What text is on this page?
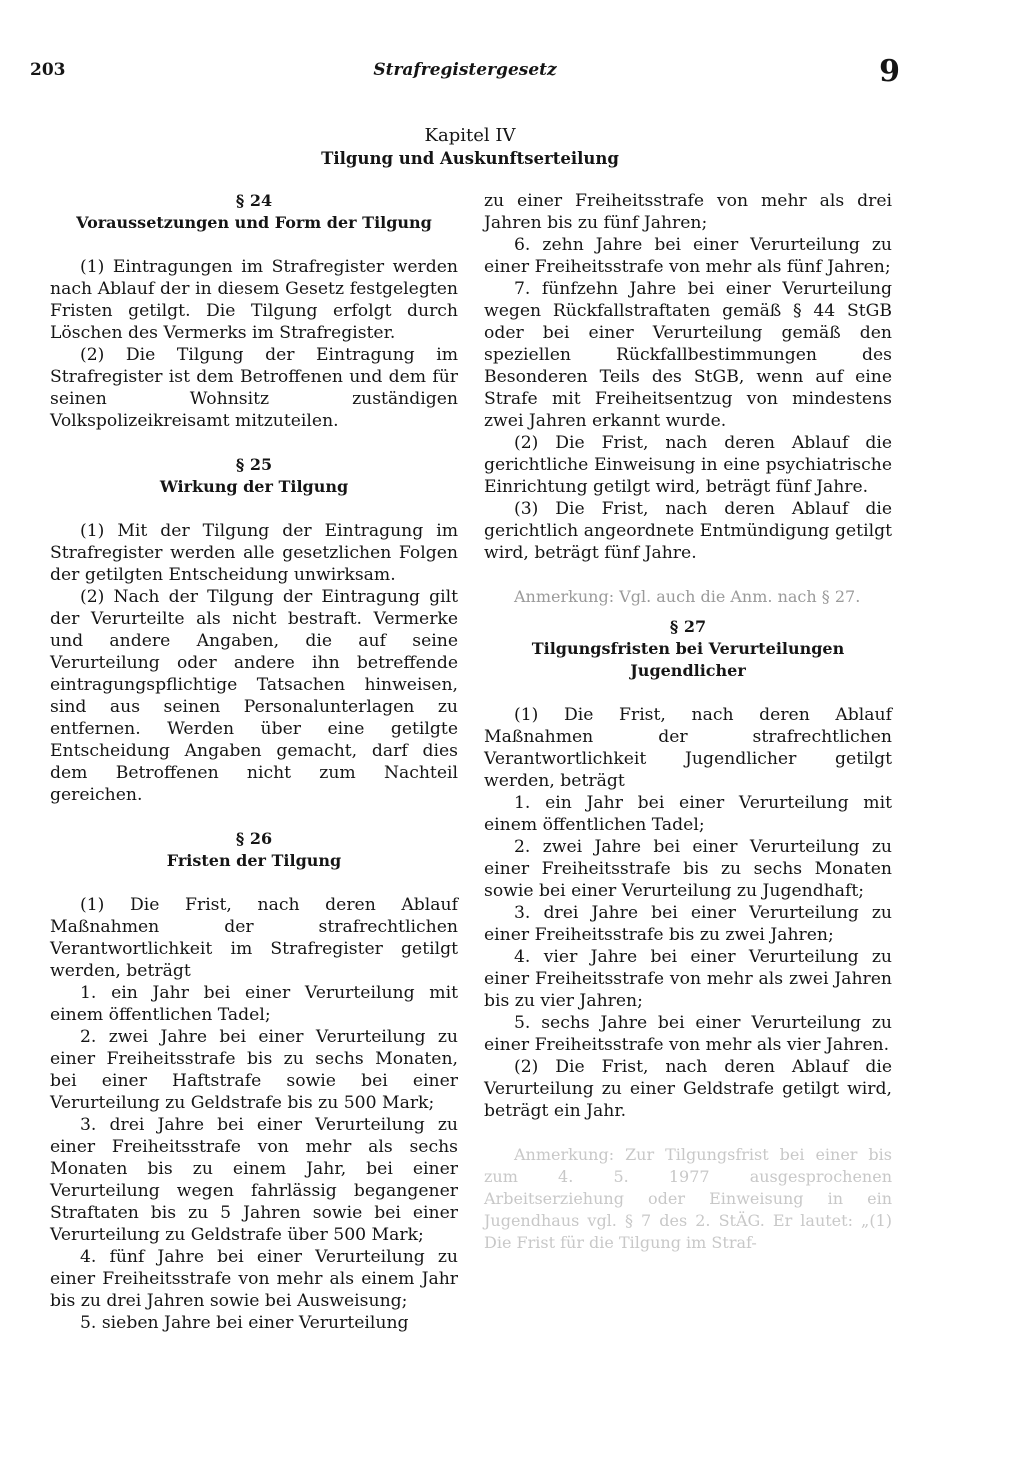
203	Strafregistergesetz	9
Kapitel IV
Tilgung und Auskunftserteilung
§ 24
Voraussetzungen und Form der Tilgung
(1) Eintragungen im Strafregister werden nach Ablauf der in diesem Gesetz festgelegten Fristen getilgt. Die Tilgung erfolgt durch Löschen des Vermerks im Strafregister.
(2) Die Tilgung der Eintragung im Strafregister ist dem Betroffenen und dem für seinen Wohnsitz zuständigen Volkspolizeikreisamt mitzuteilen.
§ 25
Wirkung der Tilgung
(1) Mit der Tilgung der Eintragung im Strafregister werden alle gesetzlichen Folgen der getilgten Entscheidung unwirksam.
(2) Nach der Tilgung der Eintragung gilt der Verurteilte als nicht bestraft. Vermerke und andere Angaben, die auf seine Verurteilung oder andere ihn betreffende eintragungspflichtige Tatsachen hinweisen, sind aus seinen Personalunterlagen zu entfernen. Werden über eine getilgte Entscheidung Angaben gemacht, darf dies dem Betroffenen nicht zum Nachteil gereichen.
§ 26
Fristen der Tilgung
(1) Die Frist, nach deren Ablauf Maßnahmen der strafrechtlichen Verantwortlichkeit im Strafregister getilgt werden, beträgt
1. ein Jahr bei einer Verurteilung mit einem öffentlichen Tadel;
2. zwei Jahre bei einer Verurteilung zu einer Freiheitsstrafe bis zu sechs Monaten, bei einer Haftstrafe sowie bei einer Verurteilung zu Geldstrafe bis zu 500 Mark;
3. drei Jahre bei einer Verurteilung zu einer Freiheitsstrafe von mehr als sechs Monaten bis zu einem Jahr, bei einer Verurteilung wegen fahrlässig begangener Straftaten bis zu 5 Jahren sowie bei einer Verurteilung zu Geldstrafe über 500 Mark;
4. fünf Jahre bei einer Verurteilung zu einer Freiheitsstrafe von mehr als einem Jahr bis zu drei Jahren sowie bei Ausweisung;
5. sieben Jahre bei einer Verurteilung
zu einer Freiheitsstrafe von mehr als drei Jahren bis zu fünf Jahren;
6. zehn Jahre bei einer Verurteilung zu einer Freiheitsstrafe von mehr als fünf Jahren;
7. fünfzehn Jahre bei einer Verurteilung wegen Rückfallstraftaten gemäß § 44 StGB oder bei einer Verurteilung gemäß den speziellen Rückfallbestimmungen des Besonderen Teils des StGB, wenn auf eine Strafe mit Freiheitsentzug von mindestens zwei Jahren erkannt wurde.
(2) Die Frist, nach deren Ablauf die gerichtliche Einweisung in eine psychiatrische Einrichtung getilgt wird, beträgt fünf Jahre.
(3) Die Frist, nach deren Ablauf die gerichtlich angeordnete Entmündigung getilgt wird, beträgt fünf Jahre.
Anmerkung: Vgl. auch die Anm. nach § 27.
§ 27
Tilgungsfristen bei Verurteilungen Jugendlicher
(1) Die Frist, nach deren Ablauf Maßnahmen der strafrechtlichen Verantwortlichkeit Jugendlicher getilgt werden, beträgt
1. ein Jahr bei einer Verurteilung mit einem öffentlichen Tadel;
2. zwei Jahre bei einer Verurteilung zu einer Freiheitsstrafe bis zu sechs Monaten sowie bei einer Verurteilung zu Jugendhaft;
3. drei Jahre bei einer Verurteilung zu einer Freiheitsstrafe bis zu zwei Jahren;
4. vier Jahre bei einer Verurteilung zu einer Freiheitsstrafe von mehr als zwei Jahren bis zu vier Jahren;
5. sechs Jahre bei einer Verurteilung zu einer Freiheitsstrafe von mehr als vier Jahren.
(2) Die Frist, nach deren Ablauf die Verurteilung zu einer Geldstrafe getilgt wird, beträgt ein Jahr.
Anmerkung: Zur Tilgungsfrist bei einer bis zum 4. 5. 1977 ausgesprochenen Arbeitserziehung oder Einweisung in ein Jugendhaus vgl. § 7 des 2. StÄG. Er lautet: „(1) Die Frist für die Tilgung im Straf-
